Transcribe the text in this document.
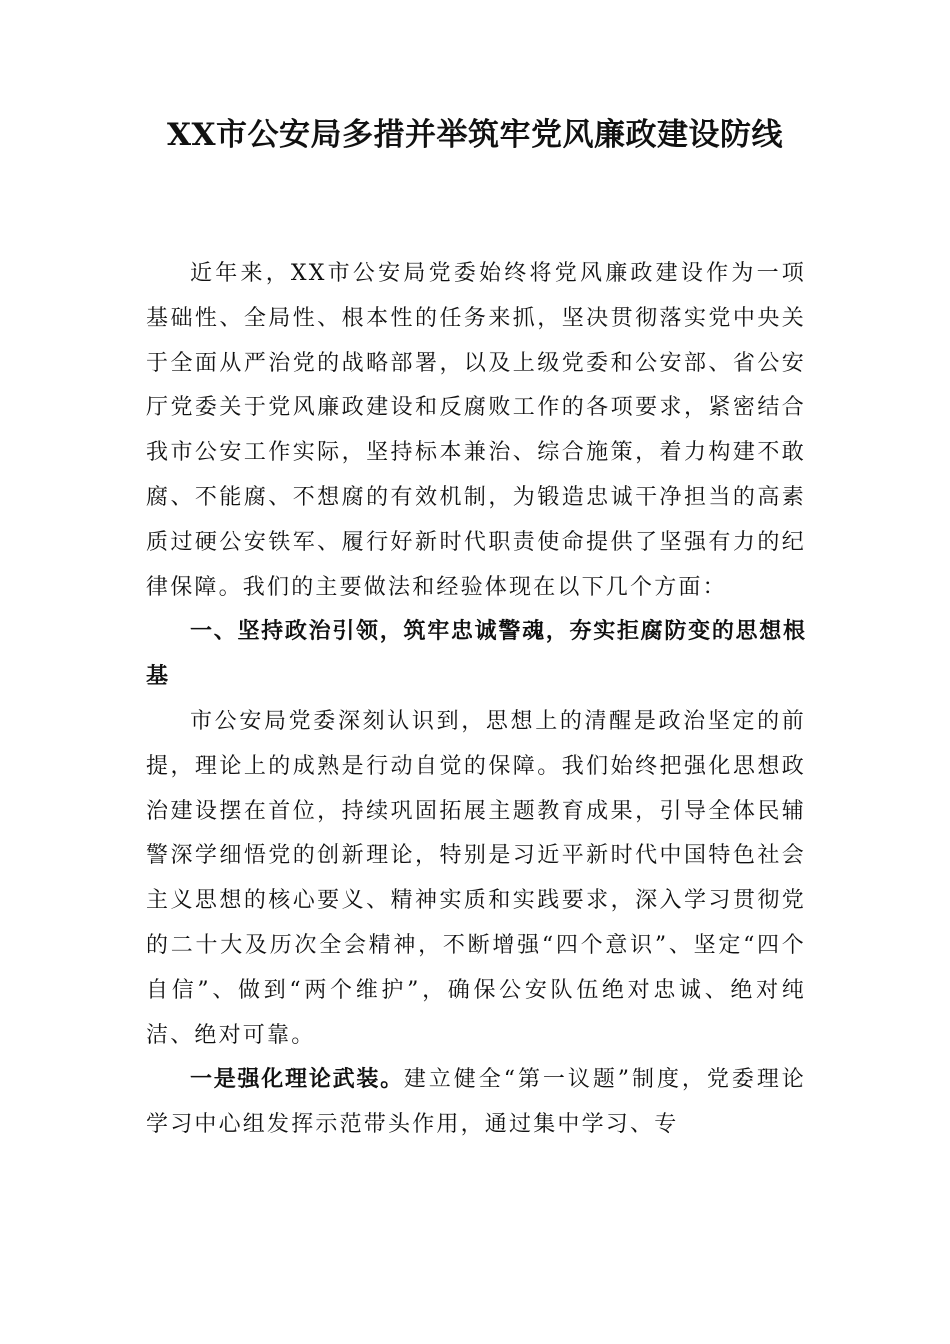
XX市公安局多措并举筑牢党风廉政建设防线

近年来，XX市公安局党委始终将党风廉政建设作为一项基础性、全局性、根本性的任务来抓，坚决贯彻落实党中央关于全面从严治党的战略部署，以及上级党委和公安部、省公安厅党委关于党风廉政建设和反腐败工作的各项要求，紧密结合我市公安工作实际，坚持标本兼治、综合施策，着力构建不敢腐、不能腐、不想腐的有效机制，为锻造忠诚干净担当的高素质过硬公安铁军、履行好新时代职责使命提供了坚强有力的纪律保障。我们的主要做法和经验体现在以下几个方面：

一、坚持政治引领，筑牢忠诚警魂，夯实拒腐防变的思想根基

市公安局党委深刻认识到，思想上的清醒是政治坚定的前提，理论上的成熟是行动自觉的保障。我们始终把强化思想政治建设摆在首位，持续巩固拓展主题教育成果，引导全体民辅警深学细悟党的创新理论，特别是习近平新时代中国特色社会主义思想的核心要义、精神实质和实践要求，深入学习贯彻党的二十大及历次全会精神，不断增强“四个意识”、坚定“四个自信”、做到“两个维护”，确保公安队伍绝对忠诚、绝对纯洁、绝对可靠。

一是强化理论武装。建立健全“第一议题”制度，党委理论学习中心组发挥示范带头作用，通过集中学习、专
